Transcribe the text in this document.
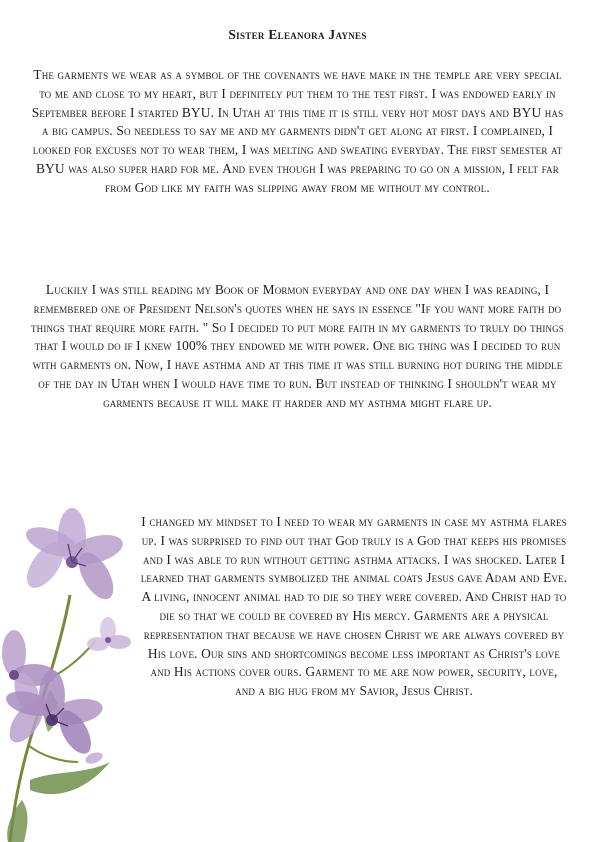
Sister Eleanora Jaynes

The garments we wear as a symbol of the covenants we have make in the temple are very special to me and close to my heart, but I definitely put them to the test first. I was endowed early in September before I started BYU. In Utah at this time it is still very hot most days and BYU has a big campus. So needless to say me and my garments didn't get along at first. I complained, I looked for excuses not to wear them, I was melting and sweating everyday. The first semester at BYU was also super hard for me. And even though I was preparing to go on a mission, I felt far from God like my faith was slipping away from me without my control.

Luckily I was still reading my Book of Mormon everyday and one day when I was reading, I remembered one of President Nelson's quotes when he says in essence "If you want more faith do things that require more faith. " So I decided to put more faith in my garments to truly do things that I would do if I knew 100% they endowed me with power. One big thing was I decided to run with garments on. Now, I have asthma and at this time it was still burning hot during the middle of the day in Utah when I would have time to run. But instead of thinking I shouldn't wear my garments because it will make it harder and my asthma might flare up.

I changed my mindset to I need to wear my garments in case my asthma flares up. I was surprised to find out that God truly is a God that keeps his promises and I was able to run without getting asthma attacks. I was shocked. Later I learned that garments symbolized the animal coats Jesus gave Adam and Eve. A living, innocent animal had to die so they were covered. And Christ had to die so that we could be covered by His mercy. Garments are a physical representation that because we have chosen Christ we are always covered by His love. Our sins and shortcomings become less important as Christ's love and His actions cover ours. Garment to me are now power, security, love, and a big hug from my Savior, Jesus Christ.
